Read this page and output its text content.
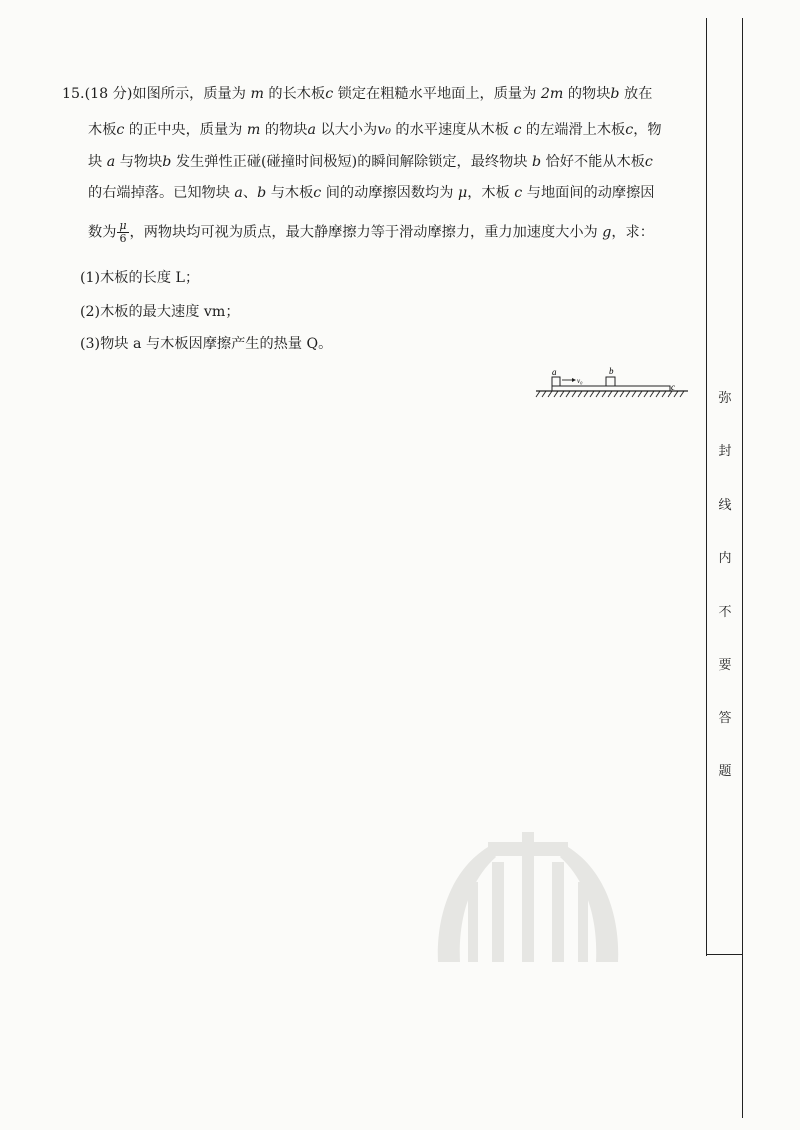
15.(18 分)如图所示，质量为 m 的长木板c 锁定在粗糙水平地面上，质量为 2m 的物块b 放在
木板c 的正中央，质量为 m 的物块a 以大小为v₀ 的水平速度从木板 c 的左端滑上木板c，物
块 a 与物块b 发生弹性正碰(碰撞时间极短)的瞬间解除锁定，最终物块 b 恰好不能从木板c
的右端掉落。已知物块 a、b 与木板c 间的动摩擦因数均为 μ，木板 c 与地面间的动摩擦因
数为 $\frac{\mu}{6}$ ，两物块均可视为质点，最大静摩擦力等于滑动摩擦力，重力加速度大小为 g，求：
(1)木板的长度 L；
(2)木板的最大速度 vm；
(3)物块 a 与木板因摩擦产生的热量 Q。
a
v₀
b
c
弥
封
线
内
不
要
答
题
